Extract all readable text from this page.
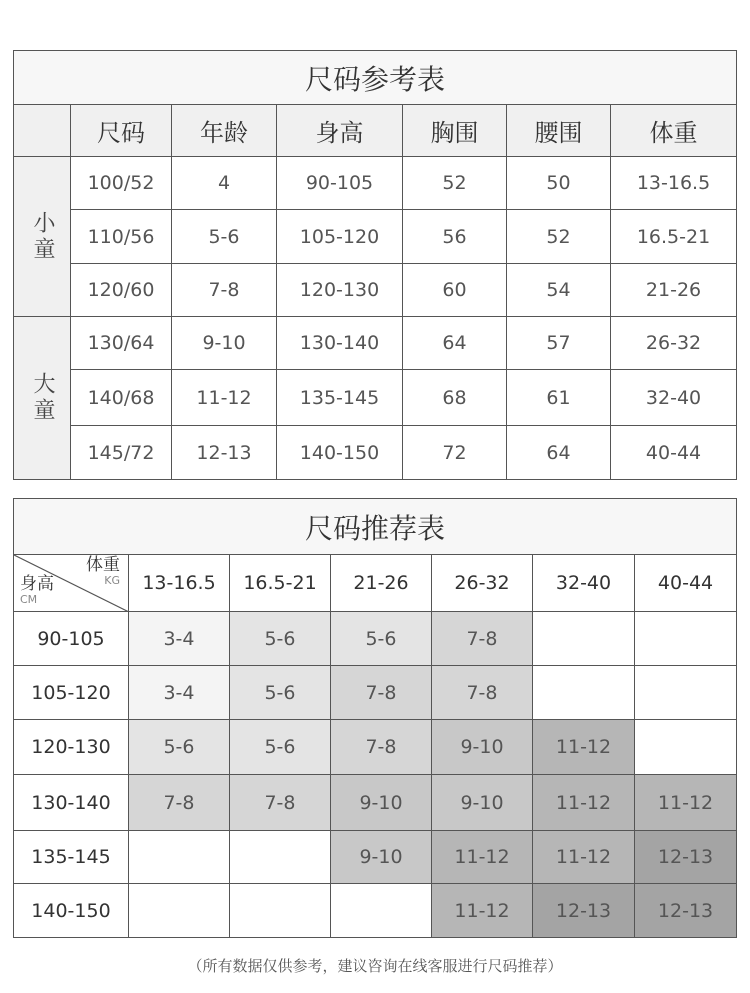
尺码参考表						
	尺码	年龄	身高	胸围	腰围	体重
小童	100/52	4	90-105	52	50	13-16.5
	110/56	5-6	105-120	56	52	16.5-21
	120/60	7-8	120-130	60	54	21-26
大童	130/64	9-10	130-140	64	57	26-32
	140/68	11-12	135-145	68	61	32-40
	145/72	12-13	140-150	72	64	40-44
尺码推荐表						

体重
KG
身高
CM	13-16.5	16.5-21	21-26	26-32	32-40	40-44
90-105	3-4	5-6	5-6	7-8		
105-120	3-4	5-6	7-8	7-8		
120-130	5-6	5-6	7-8	9-10	11-12	
130-140	7-8	7-8	9-10	9-10	11-12	11-12
135-145			9-10	11-12	11-12	12-13
140-150				11-12	12-13	12-13
（所有数据仅供参考，建议咨询在线客服进行尺码推荐）
